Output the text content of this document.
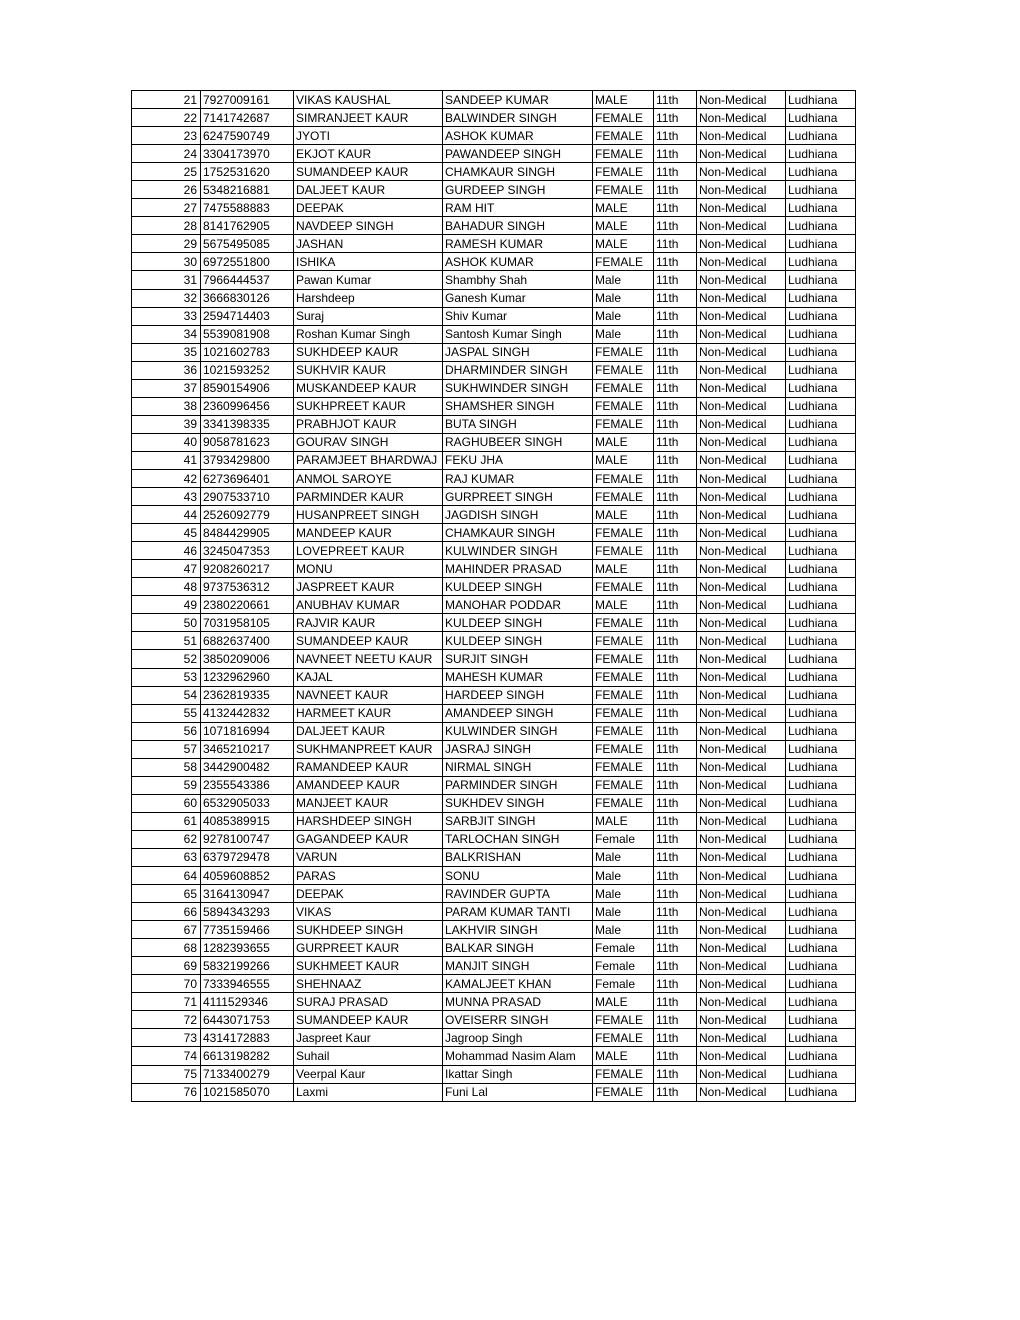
21	7927009161	VIKAS KAUSHAL	SANDEEP KUMAR	MALE	11th	Non-Medical	Ludhiana
22	7141742687	SIMRANJEET KAUR	BALWINDER SINGH	FEMALE	11th	Non-Medical	Ludhiana
23	6247590749	JYOTI	ASHOK KUMAR	FEMALE	11th	Non-Medical	Ludhiana
24	3304173970	EKJOT KAUR	PAWANDEEP SINGH	FEMALE	11th	Non-Medical	Ludhiana
25	1752531620	SUMANDEEP KAUR	CHAMKAUR SINGH	FEMALE	11th	Non-Medical	Ludhiana
26	5348216881	DALJEET KAUR	GURDEEP SINGH	FEMALE	11th	Non-Medical	Ludhiana
27	7475588883	DEEPAK	RAM HIT	MALE	11th	Non-Medical	Ludhiana
28	8141762905	NAVDEEP SINGH	BAHADUR SINGH	MALE	11th	Non-Medical	Ludhiana
29	5675495085	JASHAN	RAMESH KUMAR	MALE	11th	Non-Medical	Ludhiana
30	6972551800	ISHIKA	ASHOK KUMAR	FEMALE	11th	Non-Medical	Ludhiana
31	7966444537	Pawan Kumar	Shambhy Shah	Male	11th	Non-Medical	Ludhiana
32	3666830126	Harshdeep	Ganesh Kumar	Male	11th	Non-Medical	Ludhiana
33	2594714403	Suraj	Shiv Kumar	Male	11th	Non-Medical	Ludhiana
34	5539081908	Roshan Kumar Singh	Santosh Kumar Singh	Male	11th	Non-Medical	Ludhiana
35	1021602783	SUKHDEEP KAUR	JASPAL SINGH	FEMALE	11th	Non-Medical	Ludhiana
36	1021593252	SUKHVIR KAUR	DHARMINDER SINGH	FEMALE	11th	Non-Medical	Ludhiana
37	8590154906	MUSKANDEEP KAUR	SUKHWINDER SINGH	FEMALE	11th	Non-Medical	Ludhiana
38	2360996456	SUKHPREET KAUR	SHAMSHER SINGH	FEMALE	11th	Non-Medical	Ludhiana
39	3341398335	PRABHJOT KAUR	BUTA SINGH	FEMALE	11th	Non-Medical	Ludhiana
40	9058781623	GOURAV SINGH	RAGHUBEER SINGH	MALE	11th	Non-Medical	Ludhiana
41	3793429800	PARAMJEET BHARDWAJ	FEKU JHA	MALE	11th	Non-Medical	Ludhiana
42	6273696401	ANMOL SAROYE	RAJ KUMAR	FEMALE	11th	Non-Medical	Ludhiana
43	2907533710	PARMINDER KAUR	GURPREET SINGH	FEMALE	11th	Non-Medical	Ludhiana
44	2526092779	HUSANPREET SINGH	JAGDISH SINGH	MALE	11th	Non-Medical	Ludhiana
45	8484429905	MANDEEP KAUR	CHAMKAUR SINGH	FEMALE	11th	Non-Medical	Ludhiana
46	3245047353	LOVEPREET KAUR	KULWINDER SINGH	FEMALE	11th	Non-Medical	Ludhiana
47	9208260217	MONU	MAHINDER PRASAD	MALE	11th	Non-Medical	Ludhiana
48	9737536312	JASPREET KAUR	KULDEEP SINGH	FEMALE	11th	Non-Medical	Ludhiana
49	2380220661	ANUBHAV KUMAR	MANOHAR PODDAR	MALE	11th	Non-Medical	Ludhiana
50	7031958105	RAJVIR KAUR	KULDEEP SINGH	FEMALE	11th	Non-Medical	Ludhiana
51	6882637400	SUMANDEEP KAUR	KULDEEP SINGH	FEMALE	11th	Non-Medical	Ludhiana
52	3850209006	NAVNEET NEETU KAUR	SURJIT SINGH	FEMALE	11th	Non-Medical	Ludhiana
53	1232962960	KAJAL	MAHESH KUMAR	FEMALE	11th	Non-Medical	Ludhiana
54	2362819335	NAVNEET KAUR	HARDEEP SINGH	FEMALE	11th	Non-Medical	Ludhiana
55	4132442832	HARMEET KAUR	AMANDEEP SINGH	FEMALE	11th	Non-Medical	Ludhiana
56	1071816994	DALJEET KAUR	KULWINDER SINGH	FEMALE	11th	Non-Medical	Ludhiana
57	3465210217	SUKHMANPREET KAUR	JASRAJ SINGH	FEMALE	11th	Non-Medical	Ludhiana
58	3442900482	RAMANDEEP KAUR	NIRMAL SINGH	FEMALE	11th	Non-Medical	Ludhiana
59	2355543386	AMANDEEP KAUR	PARMINDER SINGH	FEMALE	11th	Non-Medical	Ludhiana
60	6532905033	MANJEET KAUR	SUKHDEV SINGH	FEMALE	11th	Non-Medical	Ludhiana
61	4085389915	HARSHDEEP SINGH	SARBJIT SINGH	MALE	11th	Non-Medical	Ludhiana
62	9278100747	GAGANDEEP KAUR	TARLOCHAN SINGH	Female	11th	Non-Medical	Ludhiana
63	6379729478	VARUN	BALKRISHAN	Male	11th	Non-Medical	Ludhiana
64	4059608852	PARAS	SONU	Male	11th	Non-Medical	Ludhiana
65	3164130947	DEEPAK	RAVINDER GUPTA	Male	11th	Non-Medical	Ludhiana
66	5894343293	VIKAS	PARAM KUMAR TANTI	Male	11th	Non-Medical	Ludhiana
67	7735159466	SUKHDEEP SINGH	LAKHVIR SINGH	Male	11th	Non-Medical	Ludhiana
68	1282393655	GURPREET KAUR	BALKAR SINGH	Female	11th	Non-Medical	Ludhiana
69	5832199266	SUKHMEET KAUR	MANJIT SINGH	Female	11th	Non-Medical	Ludhiana
70	7333946555	SHEHNAAZ	KAMALJEET KHAN	Female	11th	Non-Medical	Ludhiana
71	4111529346	SURAJ PRASAD	MUNNA PRASAD	MALE	11th	Non-Medical	Ludhiana
72	6443071753	SUMANDEEP KAUR	OVEISERR SINGH	FEMALE	11th	Non-Medical	Ludhiana
73	4314172883	Jaspreet Kaur	Jagroop Singh	FEMALE	11th	Non-Medical	Ludhiana
74	6613198282	Suhail	Mohammad Nasim Alam	MALE	11th	Non-Medical	Ludhiana
75	7133400279	Veerpal Kaur	Ikattar Singh	FEMALE	11th	Non-Medical	Ludhiana
76	1021585070	Laxmi	Funi Lal	FEMALE	11th	Non-Medical	Ludhiana
